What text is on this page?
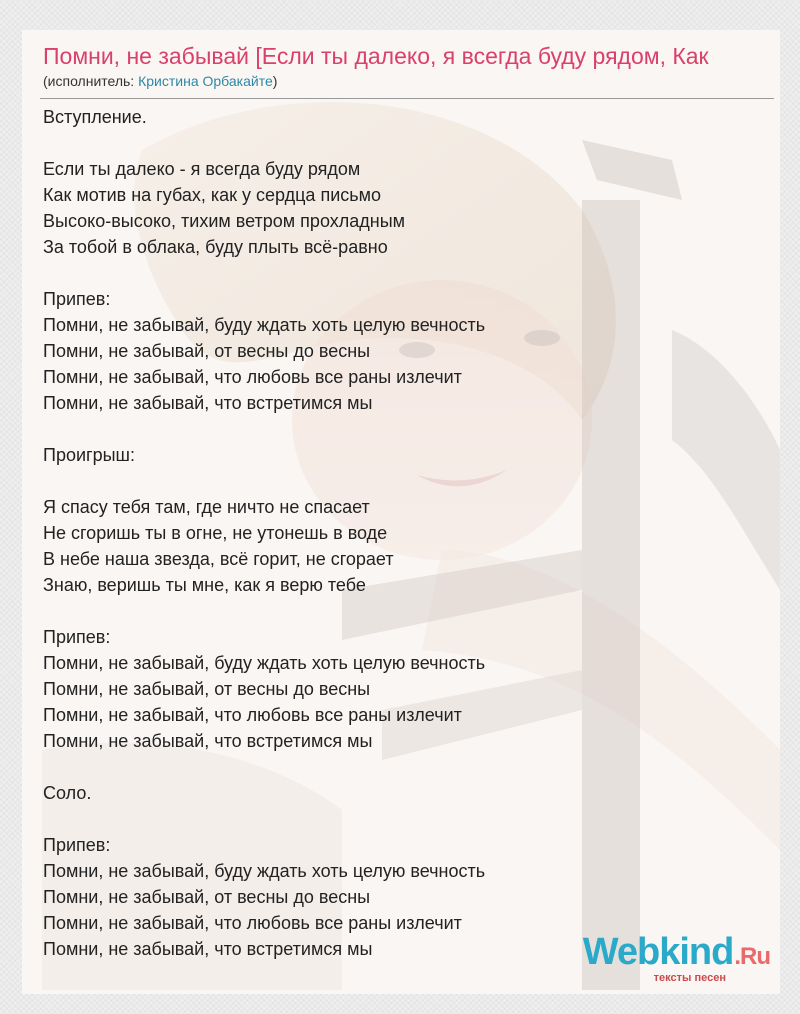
Помни, не забывай [Если ты далеко, я всегда буду рядом, Как
(исполнитель: Кристина Орбакайте)
Вступление.
Если ты далеко - я всегда буду рядом
Как мотив на губах, как у сердца письмо
Высоко-высоко, тихим ветром прохладным
За тобой в облака, буду плыть всё-равно
Припев:
Помни, не забывай, буду ждать хоть целую вечность
Помни, не забывай, от весны до весны
Помни, не забывай, что любовь все раны излечит
Помни, не забывай, что встретимся мы
Проигрыш:
Я спасу тебя там, где ничто не спасает
Не сгоришь ты в огне, не утонешь в воде
В небе наша звезда, всё горит, не сгорает
Знаю, веришь ты мне, как я верю тебе
Припев:
Помни, не забывай, буду ждать хоть целую вечность
Помни, не забывай, от весны до весны
Помни, не забывай, что любовь все раны излечит
Помни, не забывай, что встретимся мы
Соло.
Припев:
Помни, не забывай, буду ждать хоть целую вечность
Помни, не забывай, от весны до весны
Помни, не забывай, что любовь все раны излечит
Помни, не забывай, что встретимся мы	Webkind.Ru
тексты песен
